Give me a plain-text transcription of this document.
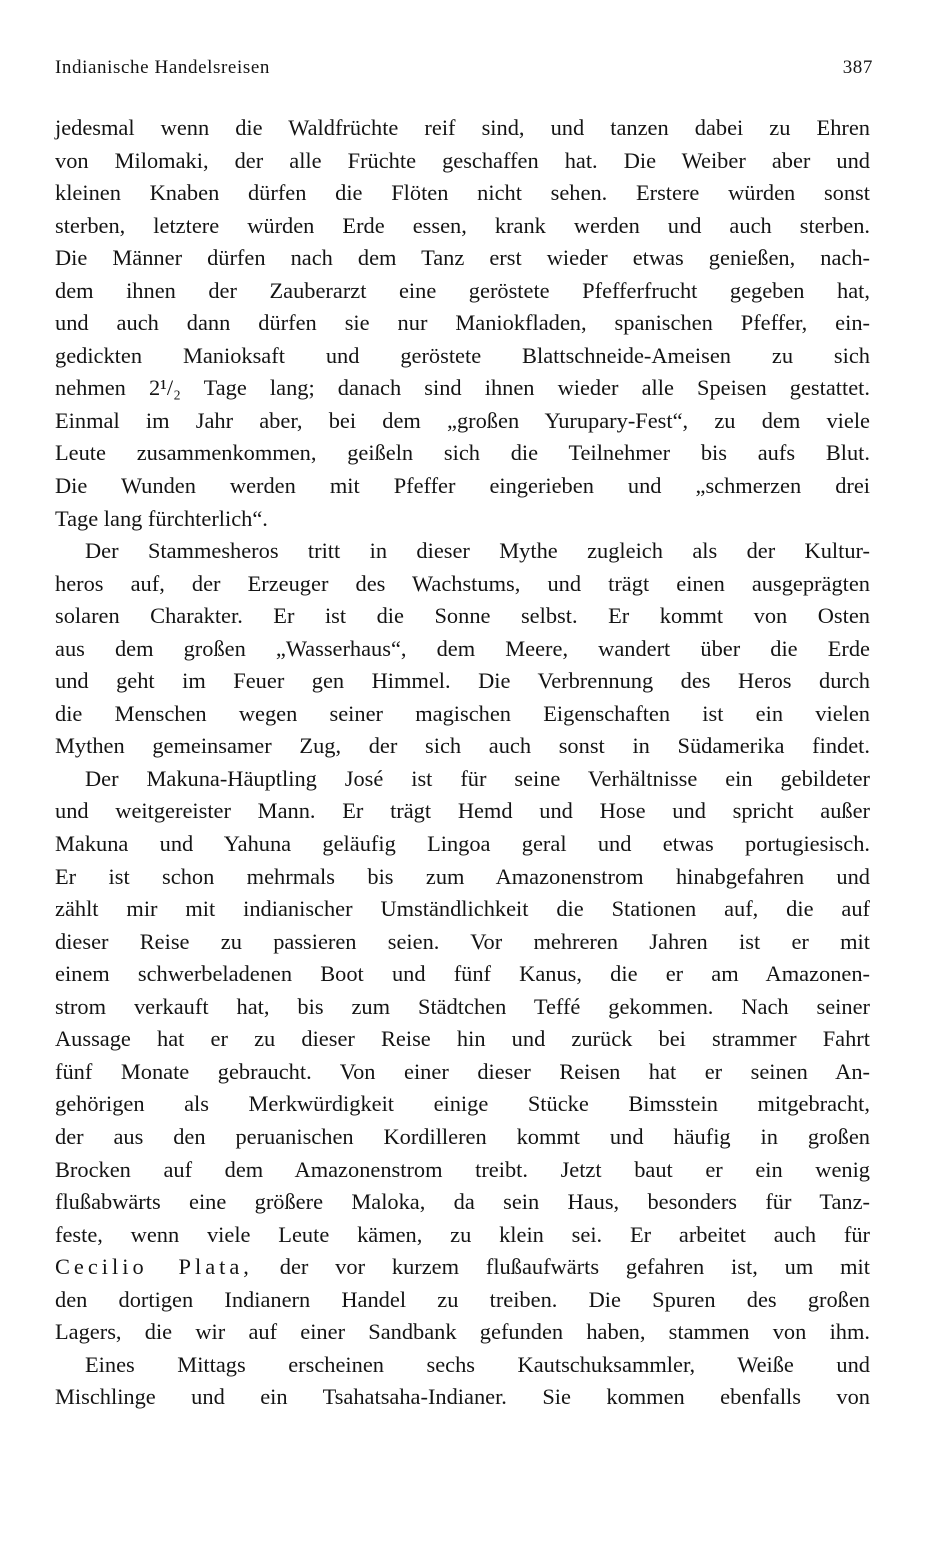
Indianische Handelsreisen	387
jedesmal wenn die Waldfrüchte reif sind, und tanzen dabei zu Ehren
von Milomaki, der alle Früchte geschaffen hat. Die Weiber aber und
kleinen Knaben dürfen die Flöten nicht sehen. Erstere würden sonst
sterben, letztere würden Erde essen, krank werden und auch sterben.
Die Männer dürfen nach dem Tanz erst wieder etwas genießen, nach-
dem ihnen der Zauberarzt eine geröstete Pfefferfrucht gegeben hat,
und auch dann dürfen sie nur Maniokfladen, spanischen Pfeffer, ein-
gedickten Manioksaft und geröstete Blattschneide-Ameisen zu sich
nehmen 2¹/₂ Tage lang; danach sind ihnen wieder alle Speisen gestattet.
Einmal im Jahr aber, bei dem „großen Yurupary-Fest“, zu dem viele
Leute zusammenkommen, geißeln sich die Teilnehmer bis aufs Blut.
Die Wunden werden mit Pfeffer eingerieben und „schmerzen drei
Tage lang fürchterlich“.
Der Stammesheros tritt in dieser Mythe zugleich als der Kultur-
heros auf, der Erzeuger des Wachstums, und trägt einen ausgeprägten
solaren Charakter. Er ist die Sonne selbst. Er kommt von Osten
aus dem großen „Wasserhaus“, dem Meere, wandert über die Erde
und geht im Feuer gen Himmel. Die Verbrennung des Heros durch
die Menschen wegen seiner magischen Eigenschaften ist ein vielen
Mythen gemeinsamer Zug, der sich auch sonst in Südamerika findet.
Der Makuna-Häuptling José ist für seine Verhältnisse ein gebildeter
und weitgereister Mann. Er trägt Hemd und Hose und spricht außer
Makuna und Yahuna geläufig Lingoa geral und etwas portugiesisch.
Er ist schon mehrmals bis zum Amazonenstrom hinabgefahren und
zählt mir mit indianischer Umständlichkeit die Stationen auf, die auf
dieser Reise zu passieren seien. Vor mehreren Jahren ist er mit
einem schwerbeladenen Boot und fünf Kanus, die er am Amazonen-
strom verkauft hat, bis zum Städtchen Teffé gekommen. Nach seiner
Aussage hat er zu dieser Reise hin und zurück bei strammer Fahrt
fünf Monate gebraucht. Von einer dieser Reisen hat er seinen An-
gehörigen als Merkwürdigkeit einige Stücke Bimsstein mitgebracht,
der aus den peruanischen Kordilleren kommt und häufig in großen
Brocken auf dem Amazonenstrom treibt. Jetzt baut er ein wenig
flußabwärts eine größere Maloka, da sein Haus, besonders für Tanz-
feste, wenn viele Leute kämen, zu klein sei. Er arbeitet auch für
Cecilio Plata, der vor kurzem flußaufwärts gefahren ist, um mit
den dortigen Indianern Handel zu treiben. Die Spuren des großen
Lagers, die wir auf einer Sandbank gefunden haben, stammen von ihm.
Eines Mittags erscheinen sechs Kautschuksammler, Weiße und
Mischlinge und ein Tsahatsaha-Indianer. Sie kommen ebenfalls von
